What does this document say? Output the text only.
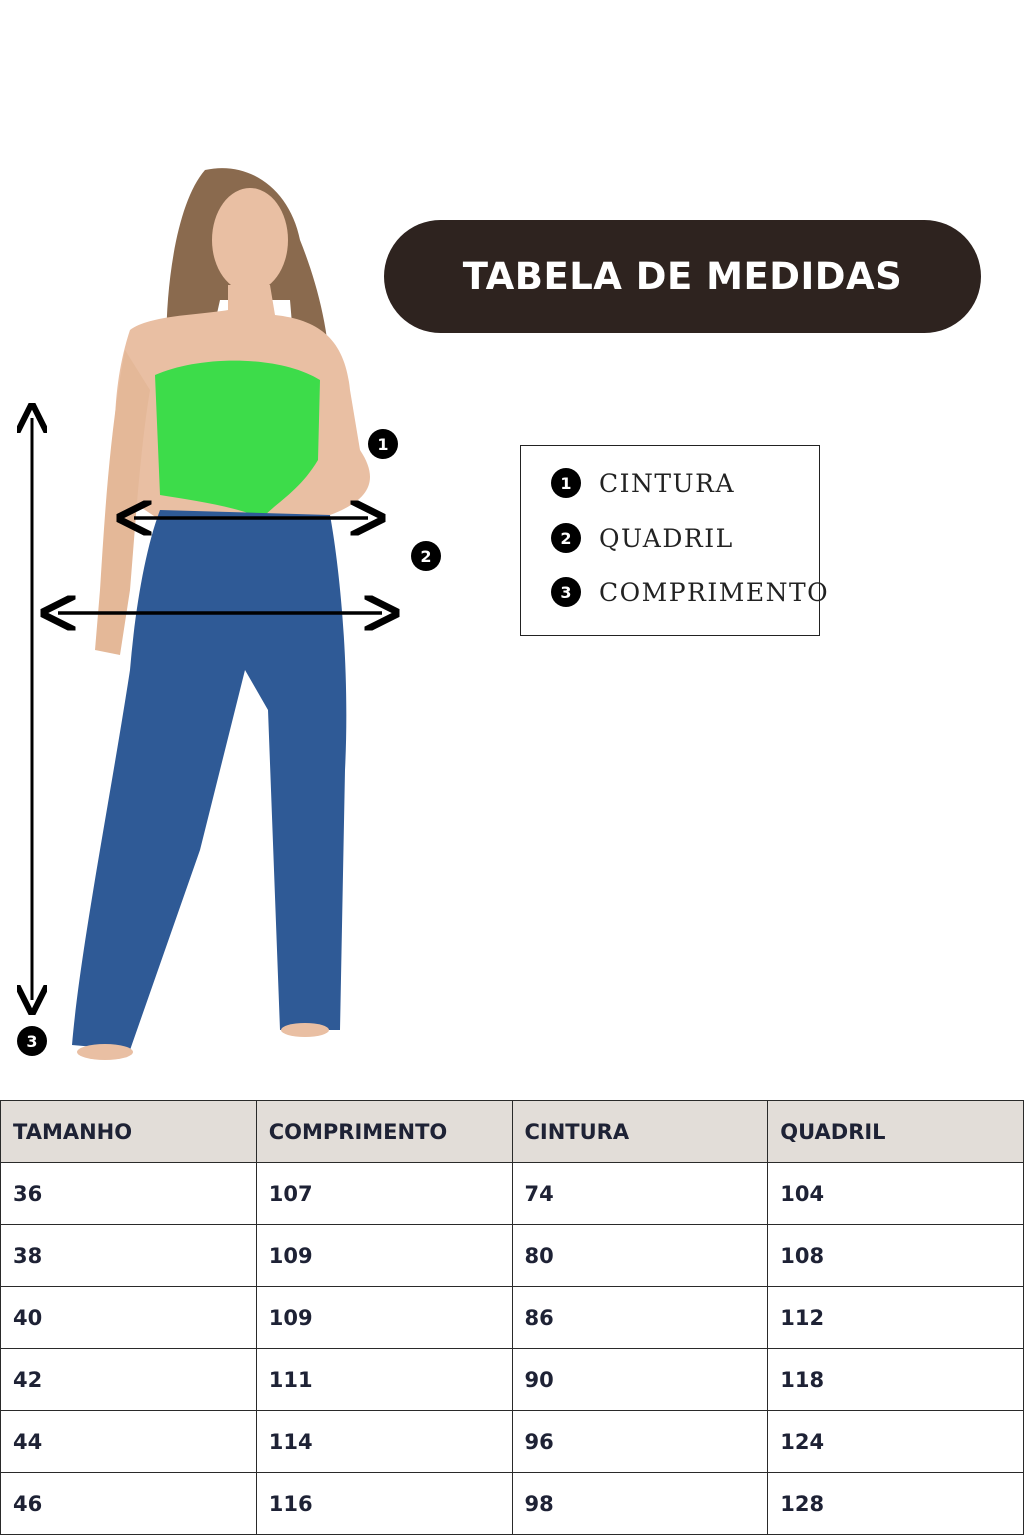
TABELA DE MEDIDAS
1	CINTURA
2	QUADRIL
3	COMPRIMENTO
1
2
3
TAMANHO	COMPRIMENTO	CINTURA	QUADRIL
36	107	74	104
38	109	80	108
40	109	86	112
42	111	90	118
44	114	96	124
46	116	98	128
